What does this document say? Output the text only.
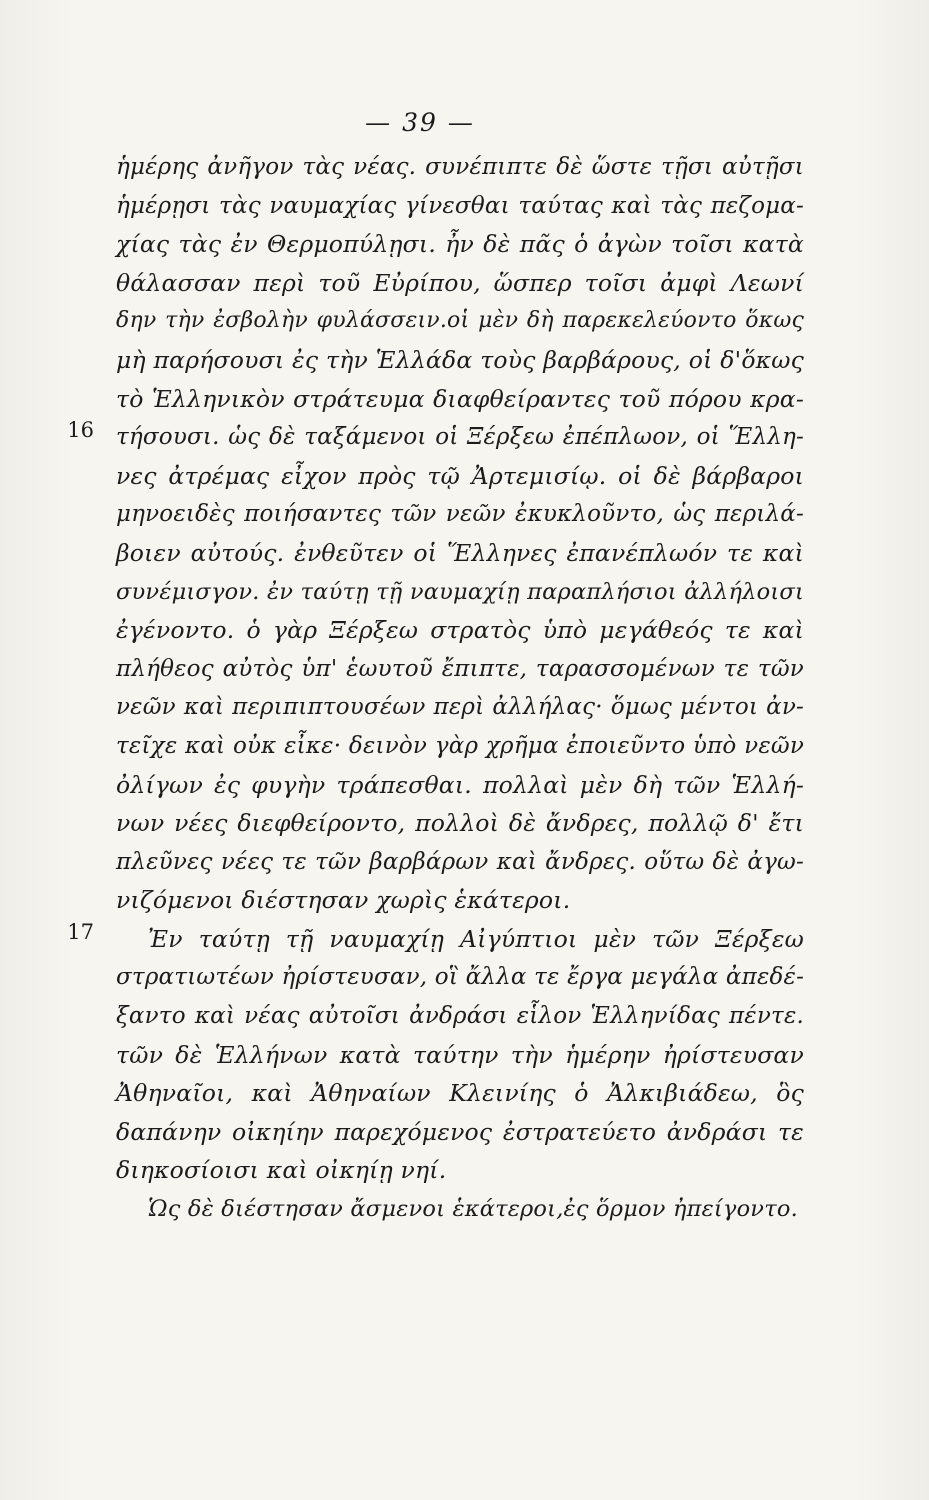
— 39 —
ἡμέρης ἀνῆγον τὰς νέας. συνέπιπτε δὲ ὥστε τῇσι αὐτῇσι
ἡμέρῃσι τὰς ναυμαχίας γίνεσθαι ταύτας καὶ τὰς πεζομα-
χίας τὰς ἐν Θερμοπύλῃσι. ἦν δὲ πᾶς ὁ ἀγὼν τοῖσι κατὰ
θάλασσαν περὶ τοῦ Εὐρίπου, ὥσπερ τοῖσι ἀμφὶ Λεωνί
δην τὴν ἐσβολὴν φυλάσσειν.οἱ μὲν δὴ παρεκελεύοντο ὅκως
μὴ παρήσουσι ἐς τὴν Ἑλλάδα τοὺς βαρβάρους, οἱ δ'ὅκως
τὸ Ἑλληνικὸν στράτευμα διαφθείραντες τοῦ πόρου κρα-
16 τήσουσι. ὡς δὲ ταξάμενοι οἱ Ξέρξεω ἐπέπλωον, οἱ Ἕλλη-
νες ἀτρέμας εἶχον πρὸς τῷ Ἀρτεμισίῳ. οἱ δὲ βάρβαροι
μηνοειδὲς ποιήσαντες τῶν νεῶν ἐκυκλοῦντο, ὡς περιλά-
βοιεν αὐτούς. ἐνθεῦτεν οἱ Ἕλληνες ἐπανέπλωόν τε καὶ
συνέμισγον. ἐν ταύτῃ τῇ ναυμαχίῃ παραπλήσιοι ἀλλήλοισι
ἐγένοντο. ὁ γὰρ Ξέρξεω στρατὸς ὑπὸ μεγάθεός τε καὶ
πλήθεος αὐτὸς ὑπ' ἑωυτοῦ ἔπιπτε, ταρασσομένων τε τῶν
νεῶν καὶ περιπιπτουσέων περὶ ἀλλήλας· ὅμως μέντοι ἀν-
τεῖχε καὶ οὐκ εἶκε· δεινὸν γὰρ χρῆμα ἐποιεῦντο ὑπὸ νεῶν
ὀλίγων ἐς φυγὴν τράπεσθαι. πολλαὶ μὲν δὴ τῶν Ἑλλή-
νων νέες διεφθείροντο, πολλοὶ δὲ ἄνδρες, πολλῷ δ' ἔτι
πλεῦνες νέες τε τῶν βαρβάρων καὶ ἄνδρες. οὕτω δὲ ἀγω-
νιζόμενοι διέστησαν χωρὶς ἑκάτεροι.
17	Ἐν ταύτῃ τῇ ναυμαχίῃ Αἰγύπτιοι μὲν τῶν Ξέρξεω
στρατιωτέων ἠρίστευσαν, οἳ ἄλλα τε ἔργα μεγάλα ἀπεδέ-
ξαντο καὶ νέας αὐτοῖσι ἀνδράσι εἷλον Ἑλληνίδας πέντε.
τῶν δὲ Ἑλλήνων κατὰ ταύτην τὴν ἡμέρην ἠρίστευσαν
Ἀθηναῖοι, καὶ Ἀθηναίων Κλεινίης ὁ Ἀλκιβιάδεω, ὃς
δαπάνην οἰκηίην παρεχόμενος ἐστρατεύετο ἀνδράσι τε
διηκοσίοισι καὶ οἰκηίῃ νηί.
Ὡς δὲ διέστησαν ἄσμενοι ἑκάτεροι,ἐς ὅρμον ἠπείγοντο.
